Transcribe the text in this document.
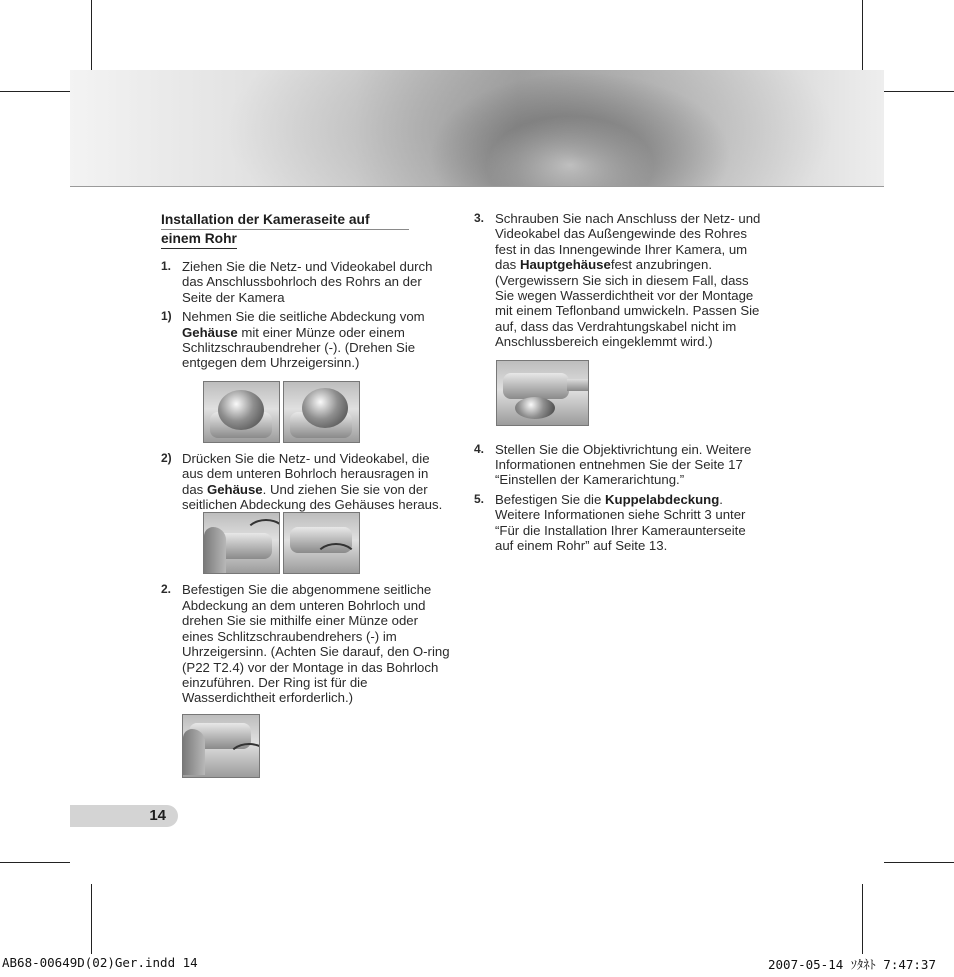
Installation der Kameraseite auf
einem Rohr
1. Ziehen Sie die Netz- und Videokabel durch das Anschlussbohrloch des Rohrs an der Seite der Kamera
1) Nehmen Sie die seitliche Abdeckung vom Gehäuse mit einer Münze oder einem Schlitzschraubendreher (-). (Drehen Sie entgegen dem Uhrzeigersinn.)
2) Drücken Sie die Netz- und Videokabel, die aus dem unteren Bohrloch herausragen in das Gehäuse. Und ziehen Sie sie von der seitlichen Abdeckung des Gehäuses heraus.
2. Befestigen Sie die abgenommene seitliche Abdeckung an dem unteren Bohrloch und drehen Sie sie mithilfe einer Münze oder eines Schlitzschraubendrehers (-) im Uhrzeigersinn. (Achten Sie darauf, den O-ring (P22 T2.4) vor der Montage in das Bohrloch einzuführen. Der Ring ist für die Wasserdichtheit erforderlich.)
3. Schrauben Sie nach Anschluss der Netz- und Videokabel das Außengewinde des Rohres fest in das Innengewinde Ihrer Kamera, um das Hauptgehäusefest anzubringen. (Vergewissern Sie sich in diesem Fall, dass Sie wegen Wasserdichtheit vor der Montage mit einem Teflonband umwickeln. Passen Sie auf, dass das Verdrahtungskabel nicht im Anschlussbereich eingeklemmt wird.)
4. Stellen Sie die Objektivrichtung ein. Weitere Informationen entnehmen Sie der Seite 17 “Einstellen der Kamerarichtung.”
5. Befestigen Sie die Kuppelabdeckung. Weitere Informationen siehe Schritt 3 unter “Für die Installation Ihrer Kameraunterseite auf einem Rohr” auf Seite 13.
14
AB68-00649D(02)Ger.indd 14	2007-05-14 ｿﾀﾈﾄ 7:47:37
